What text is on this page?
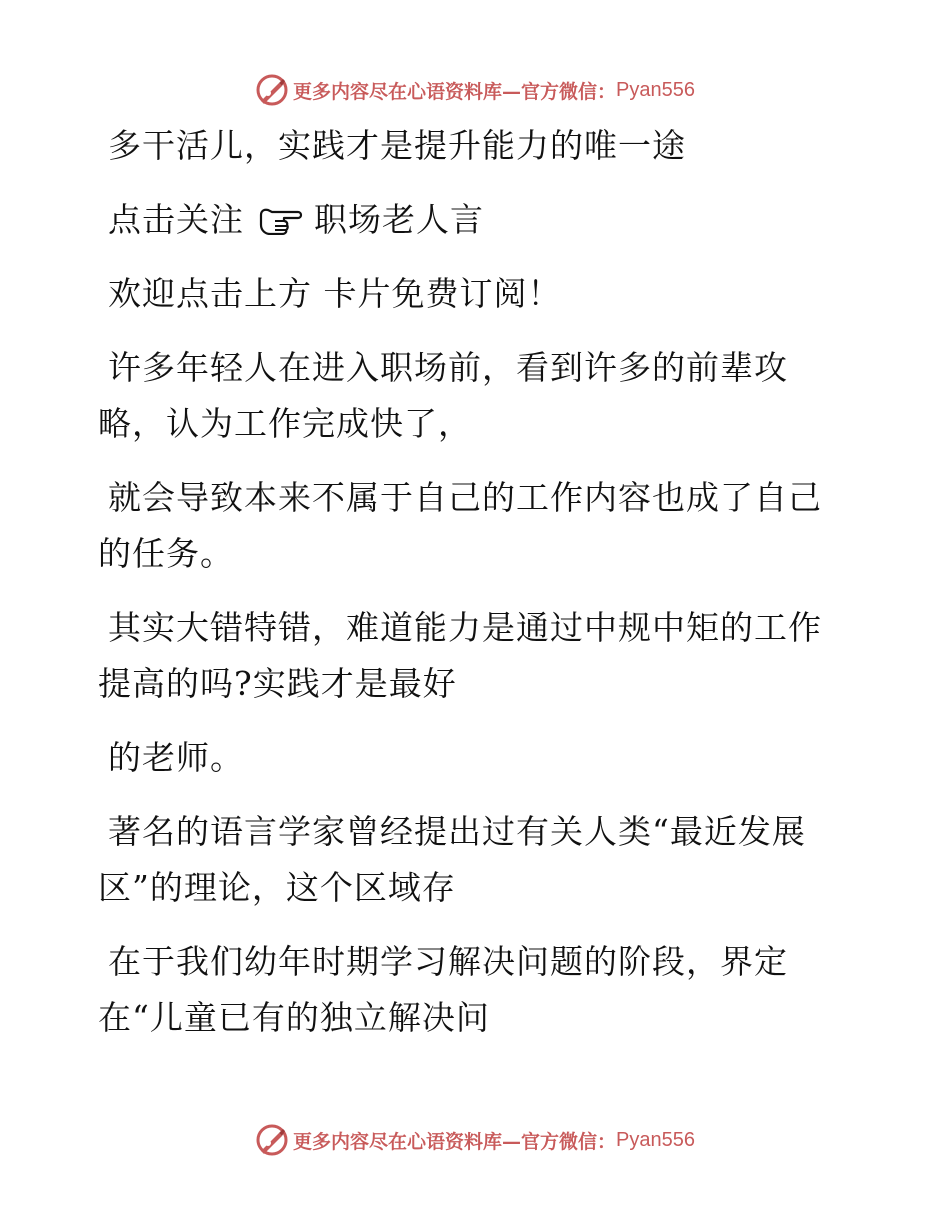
更多内容尽在心语资料库—官方微信： Pyan556
多干活儿，实践才是提升能力的唯一途
点击关注 职场老人言
欢迎点击上方 卡片免费订阅！
许多年轻人在进入职场前，看到许多的前辈攻
略，认为工作完成快了，
就会导致本来不属于自己的工作内容也成了自己
的任务。
其实大错特错，难道能力是通过中规中矩的工作
提高的吗?实践才是最好
的老师。
著名的语言学家曾经提出过有关人类“最近发展
区”的理论，这个区域存
在于我们幼年时期学习解决问题的阶段，界定
在“儿童已有的独立解决问
更多内容尽在心语资料库—官方微信： Pyan556
